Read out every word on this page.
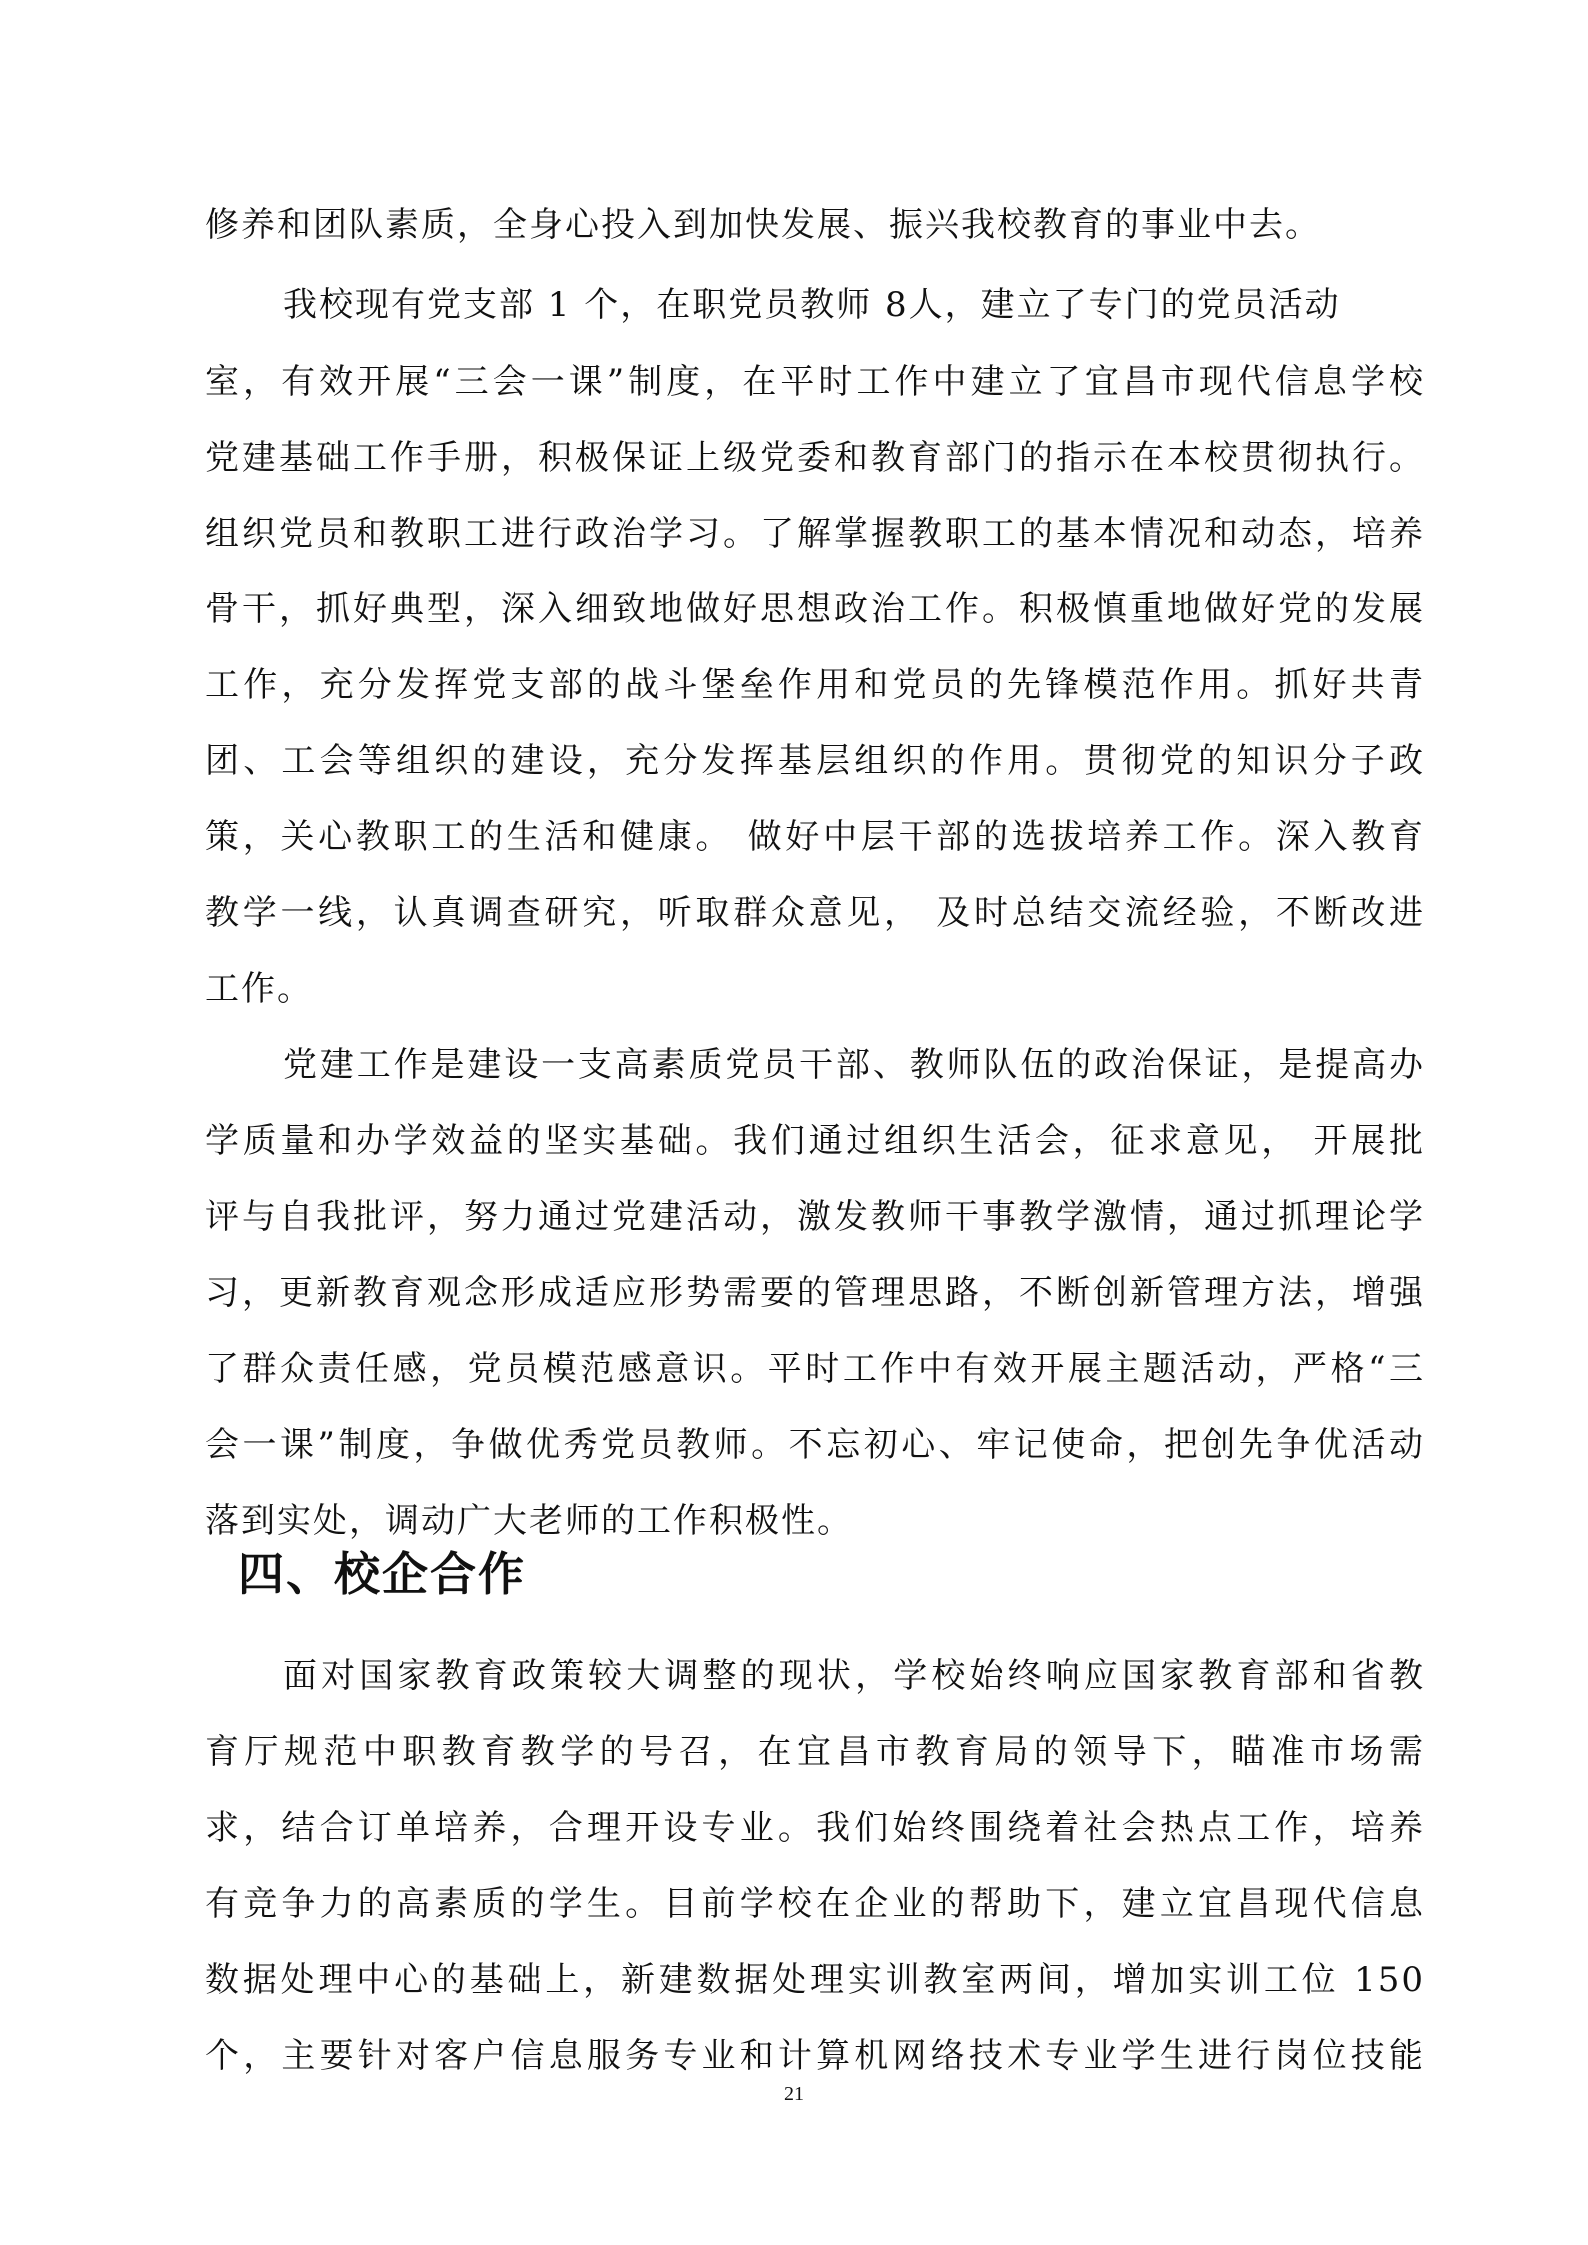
修养和团队素质，全身心投入到加快发展、振兴我校教育的事业中去。
我校现有党支部 1 个，在职党员教师 8人，建立了专门的党员活动
室，有效开展“三会一课”制度，在平时工作中建立了宜昌市现代信息学校
党建基础工作手册，积极保证上级党委和教育部门的指示在本校贯彻执行。
组织党员和教职工进行政治学习。了解掌握教职工的基本情况和动态，培养
骨干，抓好典型，深入细致地做好思想政治工作。积极慎重地做好党的发展
工作，充分发挥党支部的战斗堡垒作用和党员的先锋模范作用。抓好共青
团、工会等组织的建设，充分发挥基层组织的作用。贯彻党的知识分子政
策，关心教职工的生活和健康。 做好中层干部的选拔培养工作。深入教育
教学一线，认真调查研究，听取群众意见， 及时总结交流经验，不断改进
工作。
党建工作是建设一支高素质党员干部、教师队伍的政治保证，是提高办
学质量和办学效益的坚实基础。我们通过组织生活会，征求意见， 开展批
评与自我批评，努力通过党建活动，激发教师干事教学激情，通过抓理论学
习，更新教育观念形成适应形势需要的管理思路，不断创新管理方法，增强
了群众责任感，党员模范感意识。平时工作中有效开展主题活动，严格“三
会一课”制度，争做优秀党员教师。不忘初心、牢记使命，把创先争优活动
落到实处，调动广大老师的工作积极性。
四、校企合作
面对国家教育政策较大调整的现状，学校始终响应国家教育部和省教
育厅规范中职教育教学的号召，在宜昌市教育局的领导下，瞄准市场需
求，结合订单培养，合理开设专业。我们始终围绕着社会热点工作，培养
有竞争力的高素质的学生。目前学校在企业的帮助下，建立宜昌现代信息
数据处理中心的基础上，新建数据处理实训教室两间，增加实训工位 150
个，主要针对客户信息服务专业和计算机网络技术专业学生进行岗位技能
21
